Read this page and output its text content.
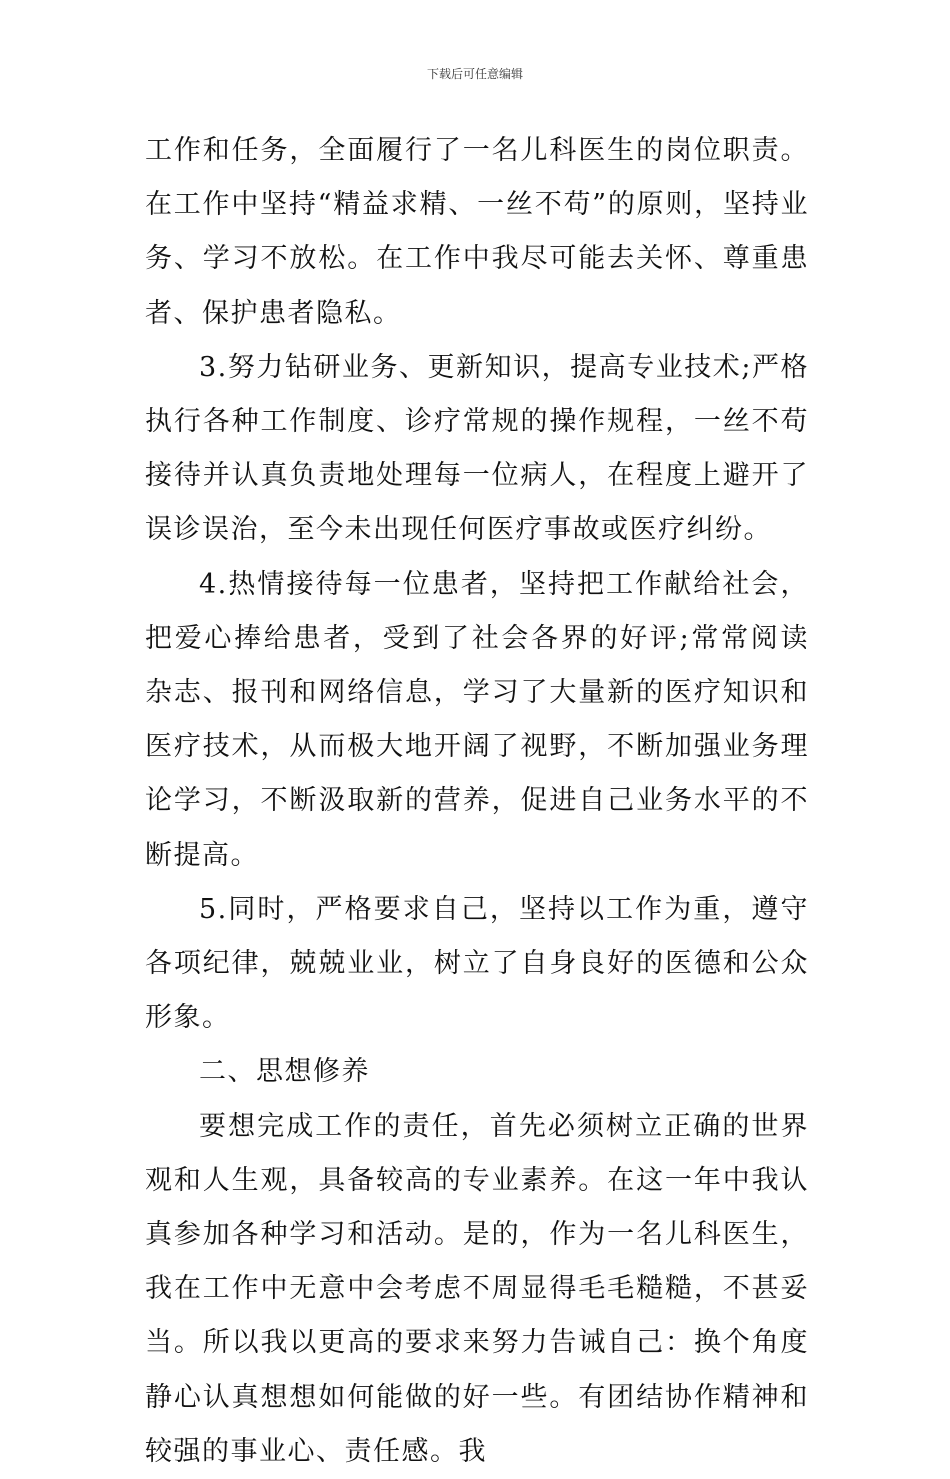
下载后可任意编辑

工作和任务，全面履行了一名儿科医生的岗位职责。在工作中坚持“精益求精、一丝不苟”的原则，坚持业务、学习不放松。在工作中我尽可能去关怀、尊重患者、保护患者隐私。

3.努力钻研业务、更新知识，提高专业技术;严格执行各种工作制度、诊疗常规的操作规程，一丝不苟接待并认真负责地处理每一位病人，在程度上避开了误诊误治，至今未出现任何医疗事故或医疗纠纷。

4.热情接待每一位患者，坚持把工作献给社会，把爱心捧给患者，受到了社会各界的好评;常常阅读杂志、报刊和网络信息，学习了大量新的医疗知识和医疗技术，从而极大地开阔了视野，不断加强业务理论学习，不断汲取新的营养，促进自己业务水平的不断提高。

5.同时，严格要求自己，坚持以工作为重，遵守各项纪律，兢兢业业，树立了自身良好的医德和公众形象。

二、思想修养

要想完成工作的责任，首先必须树立正确的世界观和人生观，具备较高的专业素养。在这一年中我认真参加各种学习和活动。是的，作为一名儿科医生，我在工作中无意中会考虑不周显得毛毛糙糙，不甚妥当。所以我以更高的要求来努力告诫自己：换个角度静心认真想想如何能做的好一些。有团结协作精神和较强的事业心、责任感。我
